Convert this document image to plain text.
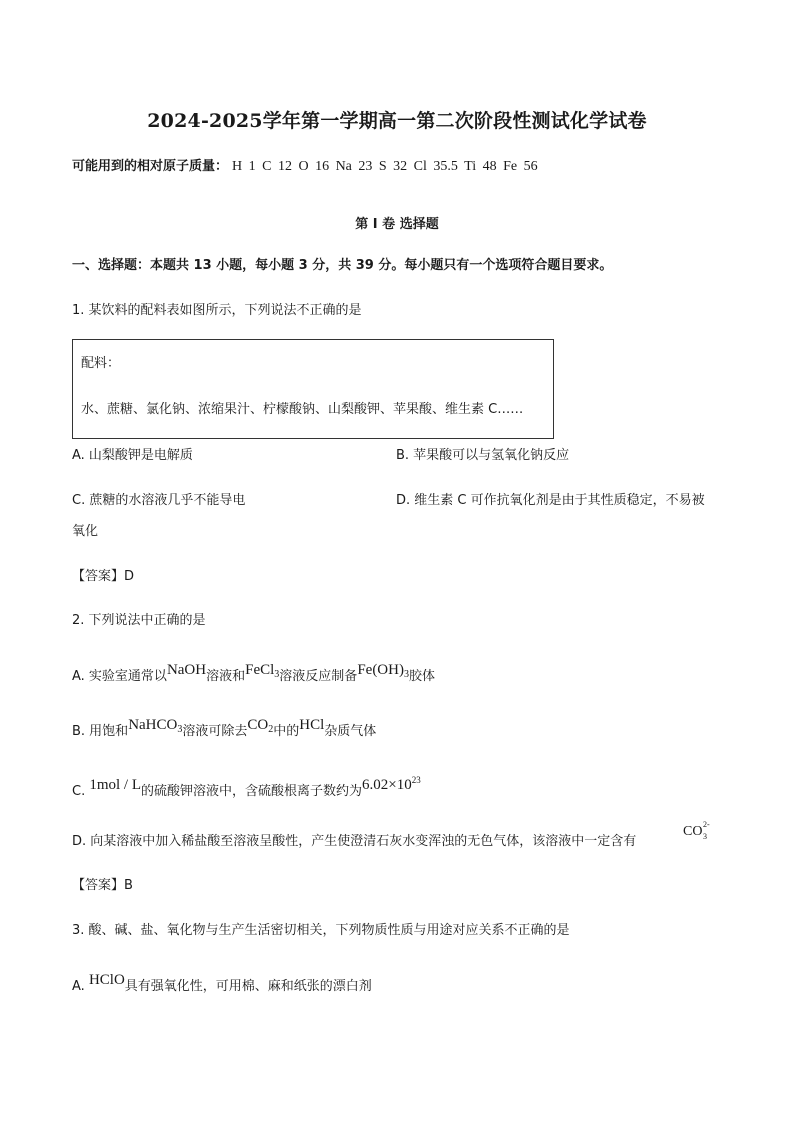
2024-2025学年第一学期高一第二次阶段性测试化学试卷
可能用到的相对原子质量： H 1 C 12 O 16 Na 23 S 32 Cl 35.5 Ti 48 Fe 56
第 I 卷 选择题
一、选择题：本题共 13 小题，每小题 3 分，共 39 分。每小题只有一个选项符合题目要求。
1. 某饮料的配料表如图所示，下列说法不正确的是
配料：
水、蔗糖、氯化钠、浓缩果汁、柠檬酸钠、山梨酸钾、苹果酸、维生素 C……
A. 山梨酸钾是电解质	B. 苹果酸可以与氢氧化钠反应
C. 蔗糖的水溶液几乎不能导电	D. 维生素 C 可作抗氧化剂是由于其性质稳定，不易被
氧化
【答案】D
2. 下列说法中正确的是
A. 实验室通常以NaOH溶液和FeCl$_3$溶液反应制备$Fe(OH)_3$胶体
B. 用饱和NaHCO$_3$溶液可除去$CO_2$中的HCl杂质气体
C. 1mol / L的硫酸钾溶液中，含硫酸根离子数约为$6.02\times 10^{23}$
D. 向某溶液中加入稀盐酸至溶液呈酸性，产生使澄清石灰水变浑浊的无色气体，该溶液中一定含有
CO 2-
3
【答案】B
3. 酸、碱、盐、氧化物与生产生活密切相关，下列物质性质与用途对应关系不正确的是
A. HClO具有强氧化性，可用棉、麻和纸张的漂白剂
